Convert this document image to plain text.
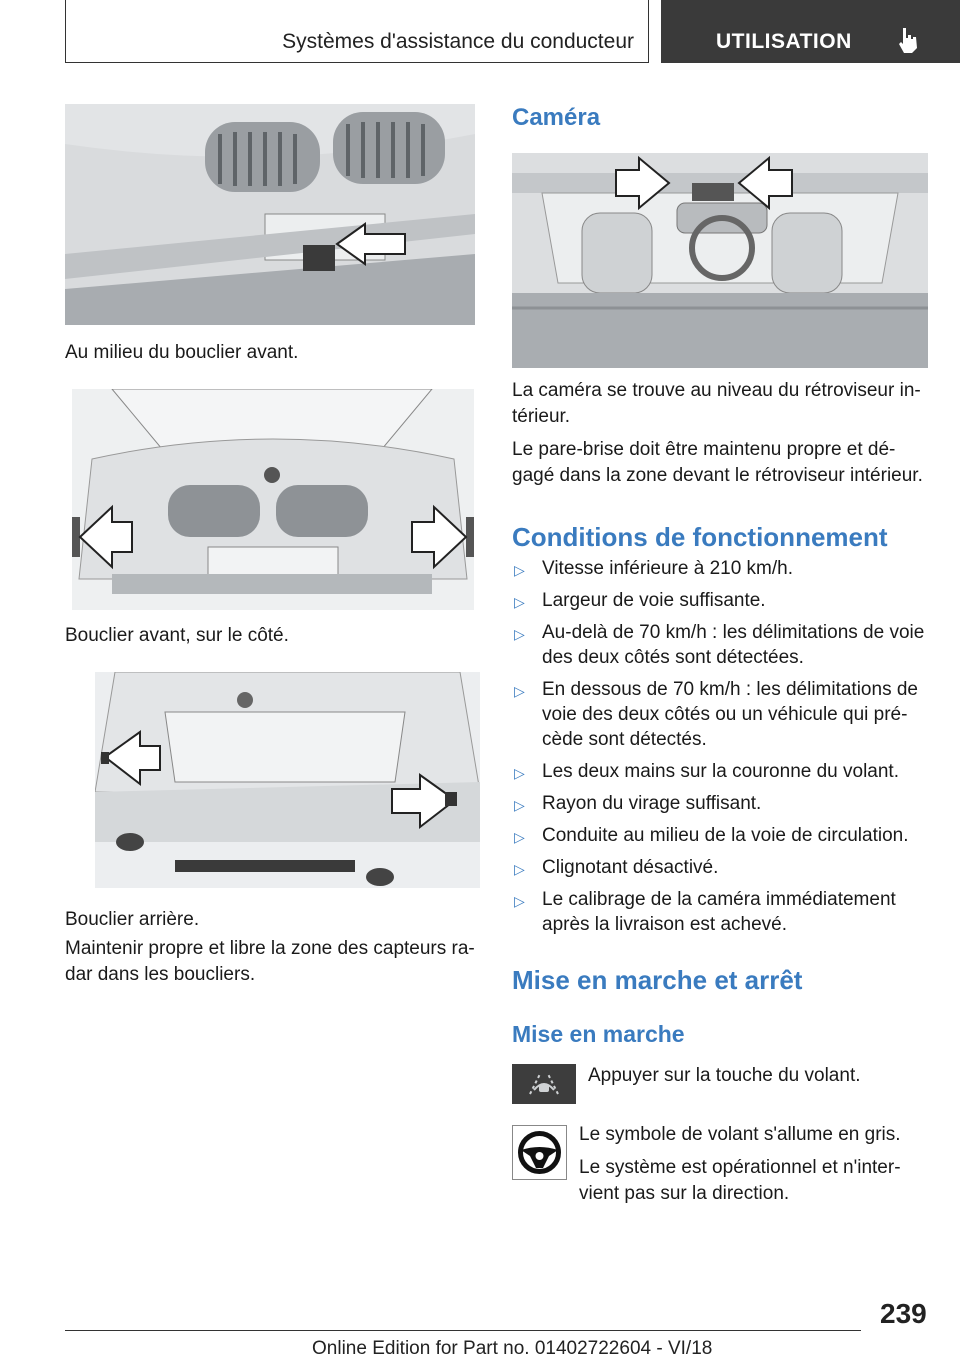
Systèmes d'assistance du conducteur	UTILISATION
Au milieu du bouclier avant.
Bouclier avant, sur le côté.
Bouclier arrière.
Maintenir propre et libre la zone des capteurs ra-dar dans les boucliers.
Caméra
La caméra se trouve au niveau du rétroviseur in-térieur.
Le pare-brise doit être maintenu propre et dé-gagé dans la zone devant le rétroviseur intérieur.
Conditions de fonctionnement
▷ Vitesse inférieure à 210 km/h.
▷ Largeur de voie suffisante.
▷ Au-delà de 70 km/h : les délimitations de voie des deux côtés sont détectées.
▷ En dessous de 70 km/h : les délimitations de voie des deux côtés ou un véhicule qui pré-cède sont détectés.
▷ Les deux mains sur la couronne du volant.
▷ Rayon du virage suffisant.
▷ Conduite au milieu de la voie de circulation.
▷ Clignotant désactivé.
▷ Le calibrage de la caméra immédiatement après la livraison est achevé.
Mise en marche et arrêt
Mise en marche
Appuyer sur la touche du volant.
Le symbole de volant s'allume en gris.
Le système est opérationnel et n'inter-vient pas sur la direction.
239
Online Edition for Part no. 01402722604 - VI/18
